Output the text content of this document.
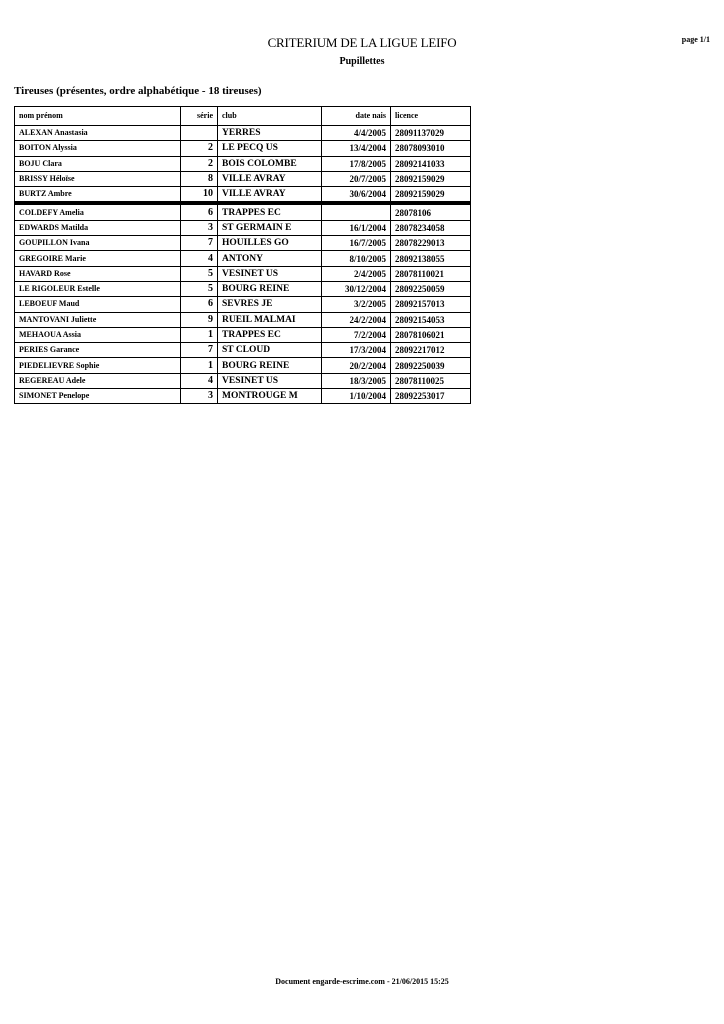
page 1/1
CRITERIUM DE LA LIGUE LEIFO
Pupillettes
Tireuses (présentes, ordre alphabétique - 18 tireuses)
nom prénom	série	club	date nais	licence
ALEXAN Anastasia		YERRES	4/4/2005	28091137029
BOITON Alyssia	2	LE PECQ US	13/4/2004	28078093010
BOJU Clara	2	BOIS COLOMBE	17/8/2005	28092141033
BRISSY Héloïse	8	VILLE AVRAY	20/7/2005	28092159029
BURTZ Ambre	10	VILLE AVRAY	30/6/2004	28092159029
COLDEFY Amelia	6	TRAPPES EC		28078106
EDWARDS Matilda	3	ST GERMAIN E	16/1/2004	28078234058
GOUPILLON Ivana	7	HOUILLES GO	16/7/2005	28078229013
GREGOIRE Marie	4	ANTONY	8/10/2005	28092138055
HAVARD Rose	5	VESINET US	2/4/2005	28078110021
LE RIGOLEUR Estelle	5	BOURG REINE	30/12/2004	28092250059
LEBOEUF Maud	6	SEVRES JE	3/2/2005	28092157013
MANTOVANI Juliette	9	RUEIL MALMAI	24/2/2004	28092154053
MEHAOUA Assia	1	TRAPPES EC	7/2/2004	28078106021
PERIES Garance	7	ST CLOUD	17/3/2004	28092217012
PIEDELIEVRE Sophie	1	BOURG REINE	20/2/2004	28092250039
REGEREAU Adele	4	VESINET US	18/3/2005	28078110025
SIMONET Penelope	3	MONTROUGE M	1/10/2004	28092253017
Document engarde-escrime.com - 21/06/2015 15:25
